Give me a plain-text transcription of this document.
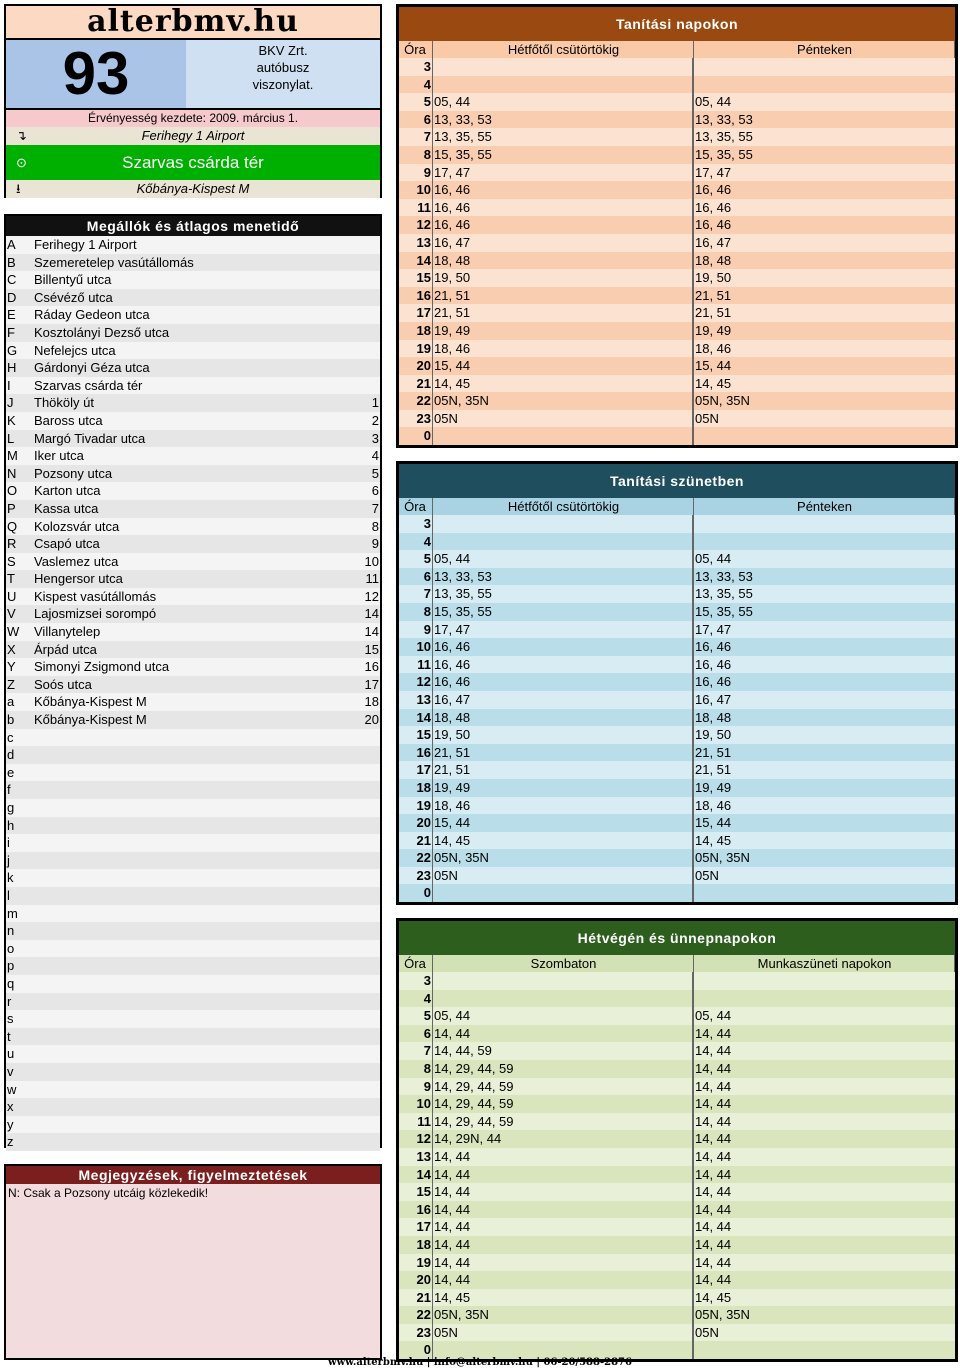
alterbmv.hu
93	BKV Zrt.
autóbusz
viszonylat.
Érvényesség kezdete: 2009. március 1.
↴	Ferihegy 1 Airport
⊙	Szarvas csárda tér
⭳	Kőbánya-Kispest M
Megállók és átlagos menetidő
A	Ferihegy 1 Airport
B	Szemeretelep vasútállomás
C	Billentyű utca
D	Csévéző utca
E	Ráday Gedeon utca
F	Kosztolányi Dezső utca
G	Nefelejcs utca
H	Gárdonyi Géza utca
I	Szarvas csárda tér
J	Thököly út	1
K	Baross utca	2
L	Margó Tivadar utca	3
M	Iker utca	4
N	Pozsony utca	5
O	Karton utca	6
P	Kassa utca	7
Q	Kolozsvár utca	8
R	Csapó utca	9
S	Vaslemez utca	10
T	Hengersor utca	11
U	Kispest vasútállomás	12
V	Lajosmizsei sorompó	14
W	Villanytelep	14
X	Árpád utca	15
Y	Simonyi Zsigmond utca	16
Z	Soós utca	17
a	Kőbánya-Kispest M	18
b	Kőbánya-Kispest M	20
c
d
e
f
g
h
i
j
k
l
m
n
o
p
q
r
s
t
u
v
w
x
y
z
Megjegyzések, figyelmeztetések
N: Csak a Pozsony utcáig közlekedik!
Tanítási napokon
Óra	Hétfőtől csütörtökig	Pénteken
3
4
5 05, 44	05, 44
6 13, 33, 53	13, 33, 53
7 13, 35, 55	13, 35, 55
8 15, 35, 55	15, 35, 55
9 17, 47	17, 47
10 16, 46	16, 46
11 16, 46	16, 46
12 16, 46	16, 46
13 16, 47	16, 47
14 18, 48	18, 48
15 19, 50	19, 50
16 21, 51	21, 51
17 21, 51	21, 51
18 19, 49	19, 49
19 18, 46	18, 46
20 15, 44	15, 44
21 14, 45	14, 45
22 05N, 35N	05N, 35N
23 05N	05N
0
Tanítási szünetben
Óra	Hétfőtől csütörtökig	Pénteken
3
4
5 05, 44	05, 44
6 13, 33, 53	13, 33, 53
7 13, 35, 55	13, 35, 55
8 15, 35, 55	15, 35, 55
9 17, 47	17, 47
10 16, 46	16, 46
11 16, 46	16, 46
12 16, 46	16, 46
13 16, 47	16, 47
14 18, 48	18, 48
15 19, 50	19, 50
16 21, 51	21, 51
17 21, 51	21, 51
18 19, 49	19, 49
19 18, 46	18, 46
20 15, 44	15, 44
21 14, 45	14, 45
22 05N, 35N	05N, 35N
23 05N	05N
0
Hétvégén és ünnepnapokon
Óra	Szombaton	Munkaszüneti napokon
3
4
5 05, 44	05, 44
6 14, 44	14, 44
7 14, 44, 59	14, 44
8 14, 29, 44, 59	14, 44
9 14, 29, 44, 59	14, 44
10 14, 29, 44, 59	14, 44
11 14, 29, 44, 59	14, 44
12 14, 29N, 44	14, 44
13 14, 44	14, 44
14 14, 44	14, 44
15 14, 44	14, 44
16 14, 44	14, 44
17 14, 44	14, 44
18 14, 44	14, 44
19 14, 44	14, 44
20 14, 44	14, 44
21 14, 45	14, 45
22 05N, 35N	05N, 35N
23 05N	05N
0
www.alterbmv.hu | info@alterbmv.hu | 06-20/588-2876
